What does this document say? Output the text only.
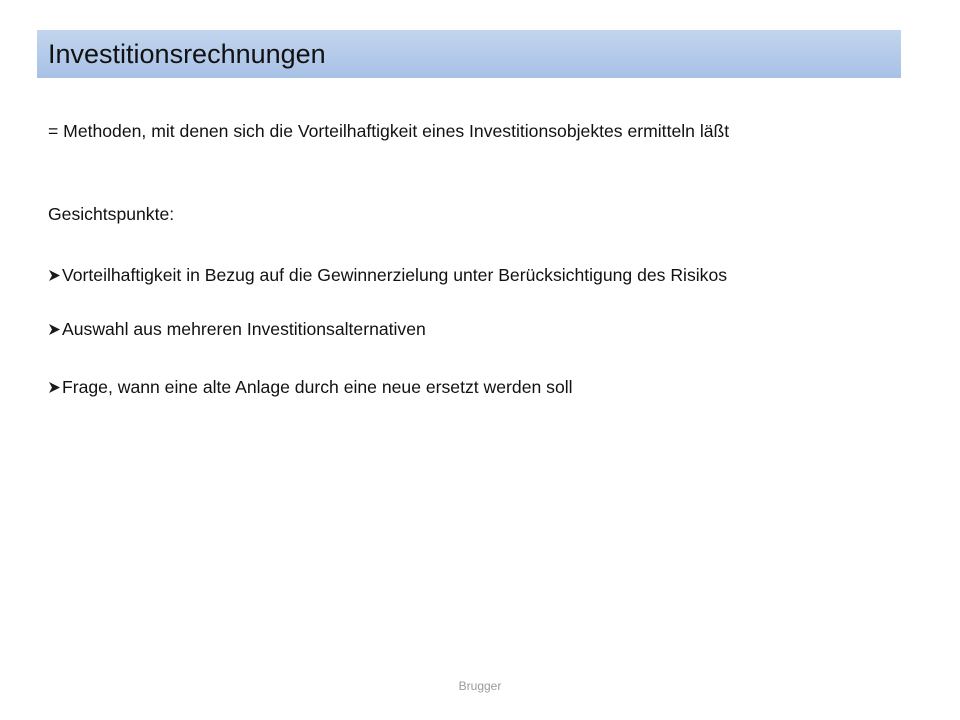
Investitionsrechnungen
= Methoden, mit denen sich die Vorteilhaftigkeit eines Investitionsobjektes ermitteln läßt
Gesichtspunkte:
Vorteilhaftigkeit in Bezug auf die Gewinnerzielung unter Berücksichtigung des Risikos
Auswahl aus mehreren Investitionsalternativen
Frage, wann eine alte Anlage durch eine neue ersetzt werden soll
Brugger
